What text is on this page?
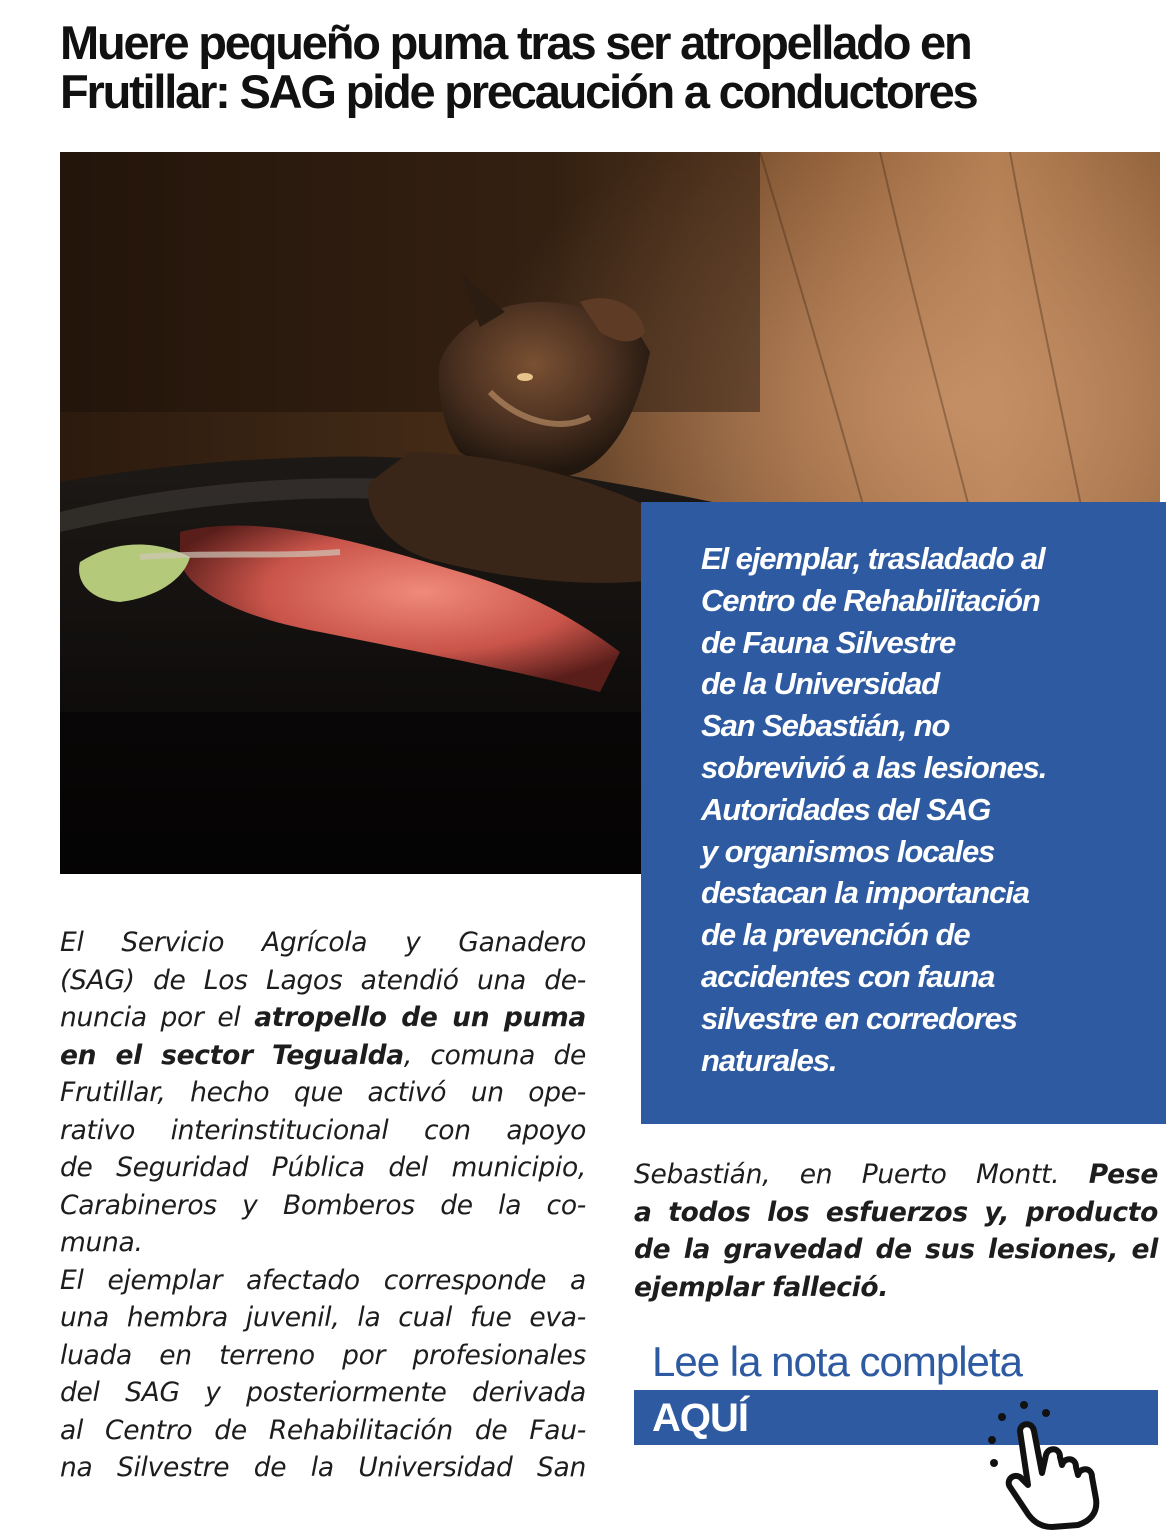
Muere pequeño puma tras ser atropellado en
Frutillar: SAG pide precaución a conductores

El ejemplar, trasladado al
Centro de Rehabilitación
de Fauna Silvestre
de la Universidad
San Sebastián, no
sobrevivió a las lesiones.
Autoridades del SAG
y organismos locales
destacan la importancia
de la prevención de
accidentes con fauna
silvestre en corredores
naturales.

El Servicio Agrícola y Ganadero
(SAG) de Los Lagos atendió una de-
nuncia por el atropello de un puma
en el sector Tegualda, comuna de
Frutillar, hecho que activó un ope-
rativo interinstitucional con apoyo
de Seguridad Pública del municipio,
Carabineros y Bomberos de la co-
muna.
El ejemplar afectado corresponde a
una hembra juvenil, la cual fue eva-
luada en terreno por profesionales
del SAG y posteriormente derivada
al Centro de Rehabilitación de Fau-
na Silvestre de la Universidad San
Sebastián, en Puerto Montt. Pese
a todos los esfuerzos y, producto
de la gravedad de sus lesiones, el
ejemplar falleció.

Lee la nota completa

AQUÍ
